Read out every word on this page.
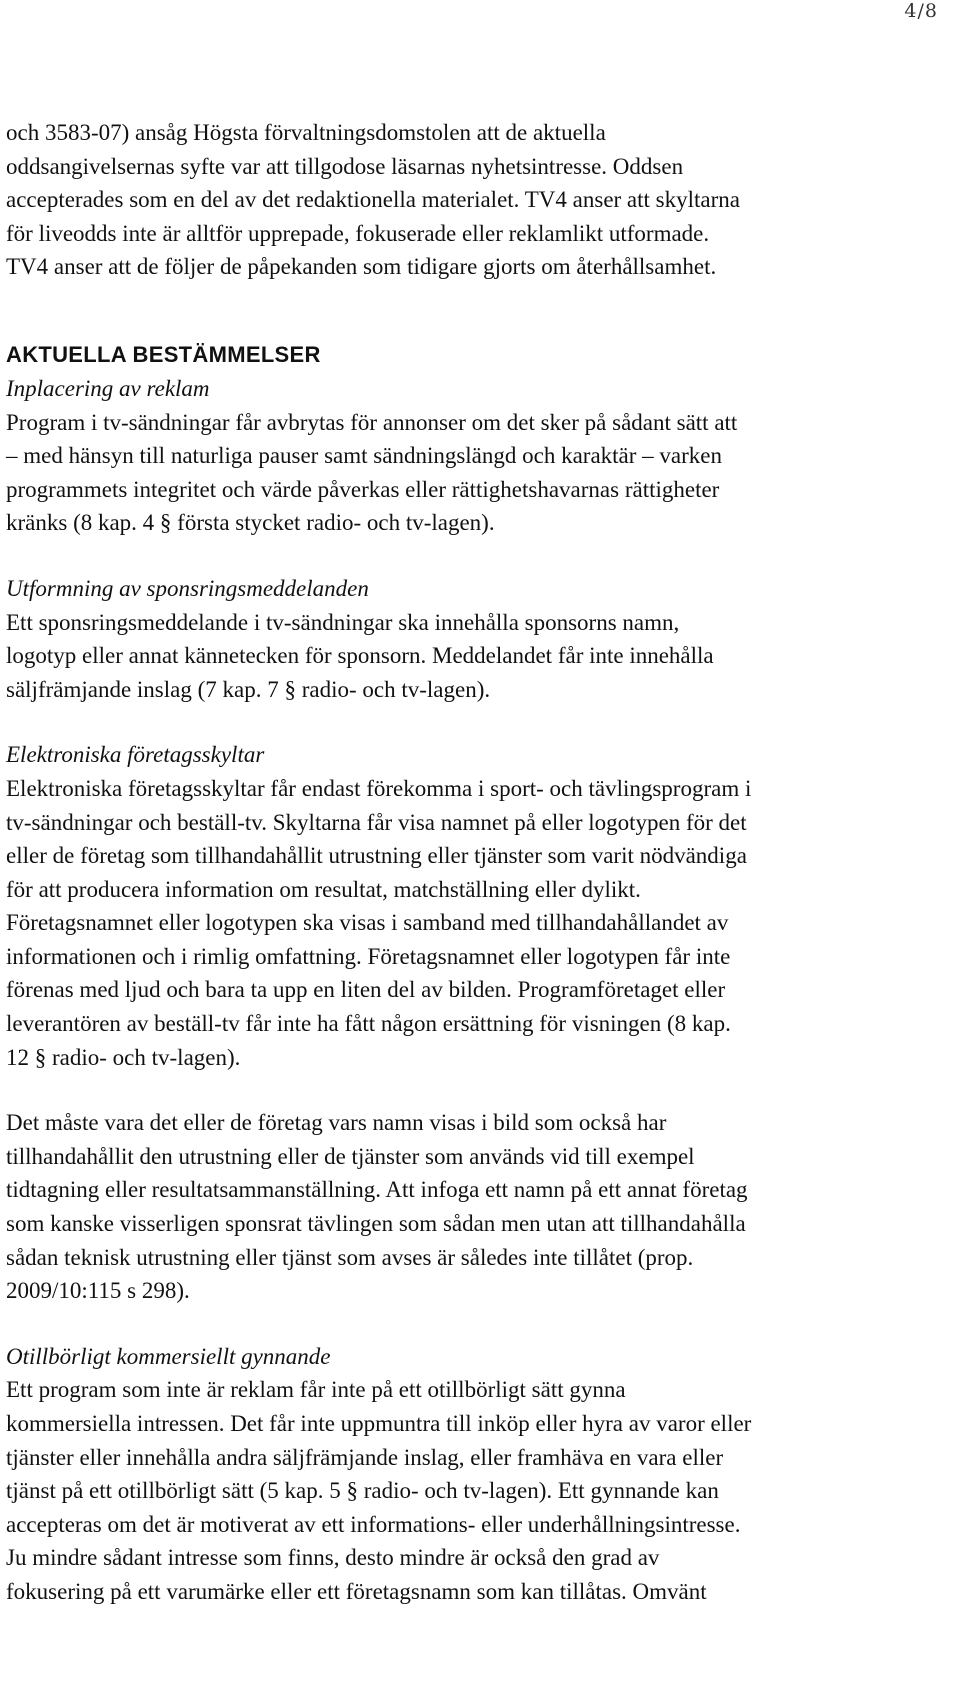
4/8

och 3583-07) ansåg Högsta förvaltningsdomstolen att de aktuella
oddsangivelsernas syfte var att tillgodose läsarnas nyhetsintresse. Oddsen
accepterades som en del av det redaktionella materialet. TV4 anser att skyltarna
för liveodds inte är alltför upprepade, fokuserade eller reklamlikt utformade.
TV4 anser att de följer de påpekanden som tidigare gjorts om återhållsamhet.

AKTUELLA BESTÄMMELSER

Inplacering av reklam
Program i tv-sändningar får avbrytas för annonser om det sker på sådant sätt att
– med hänsyn till naturliga pauser samt sändningslängd och karaktär – varken
programmets integritet och värde påverkas eller rättighetshavarnas rättigheter
kränks (8 kap. 4 § första stycket radio- och tv-lagen).

Utformning av sponsringsmeddelanden
Ett sponsringsmeddelande i tv-sändningar ska innehålla sponsorns namn,
logotyp eller annat kännetecken för sponsorn. Meddelandet får inte innehålla
säljfrämjande inslag (7 kap. 7 § radio- och tv-lagen).

Elektroniska företagsskyltar
Elektroniska företagsskyltar får endast förekomma i sport- och tävlingsprogram i
tv-sändningar och beställ-tv. Skyltarna får visa namnet på eller logotypen för det
eller de företag som tillhandahållit utrustning eller tjänster som varit nödvändiga
för att producera information om resultat, matchställning eller dylikt.
Företagsnamnet eller logotypen ska visas i samband med tillhandahållandet av
informationen och i rimlig omfattning. Företagsnamnet eller logotypen får inte
förenas med ljud och bara ta upp en liten del av bilden. Programföretaget eller
leverantören av beställ-tv får inte ha fått någon ersättning för visningen (8 kap.
12 § radio- och tv-lagen).

Det måste vara det eller de företag vars namn visas i bild som också har
tillhandahållit den utrustning eller de tjänster som används vid till exempel
tidtagning eller resultatsammanställning. Att infoga ett namn på ett annat företag
som kanske visserligen sponsrat tävlingen som sådan men utan att tillhandahålla
sådan teknisk utrustning eller tjänst som avses är således inte tillåtet (prop.
2009/10:115 s 298).

Otillbörligt kommersiellt gynnande
Ett program som inte är reklam får inte på ett otillbörligt sätt gynna
kommersiella intressen. Det får inte uppmuntra till inköp eller hyra av varor eller
tjänster eller innehålla andra säljfrämjande inslag, eller framhäva en vara eller
tjänst på ett otillbörligt sätt (5 kap. 5 § radio- och tv-lagen). Ett gynnande kan
accepteras om det är motiverat av ett informations- eller underhållningsintresse.
Ju mindre sådant intresse som finns, desto mindre är också den grad av
fokusering på ett varumärke eller ett företagsnamn som kan tillåtas. Omvänt
